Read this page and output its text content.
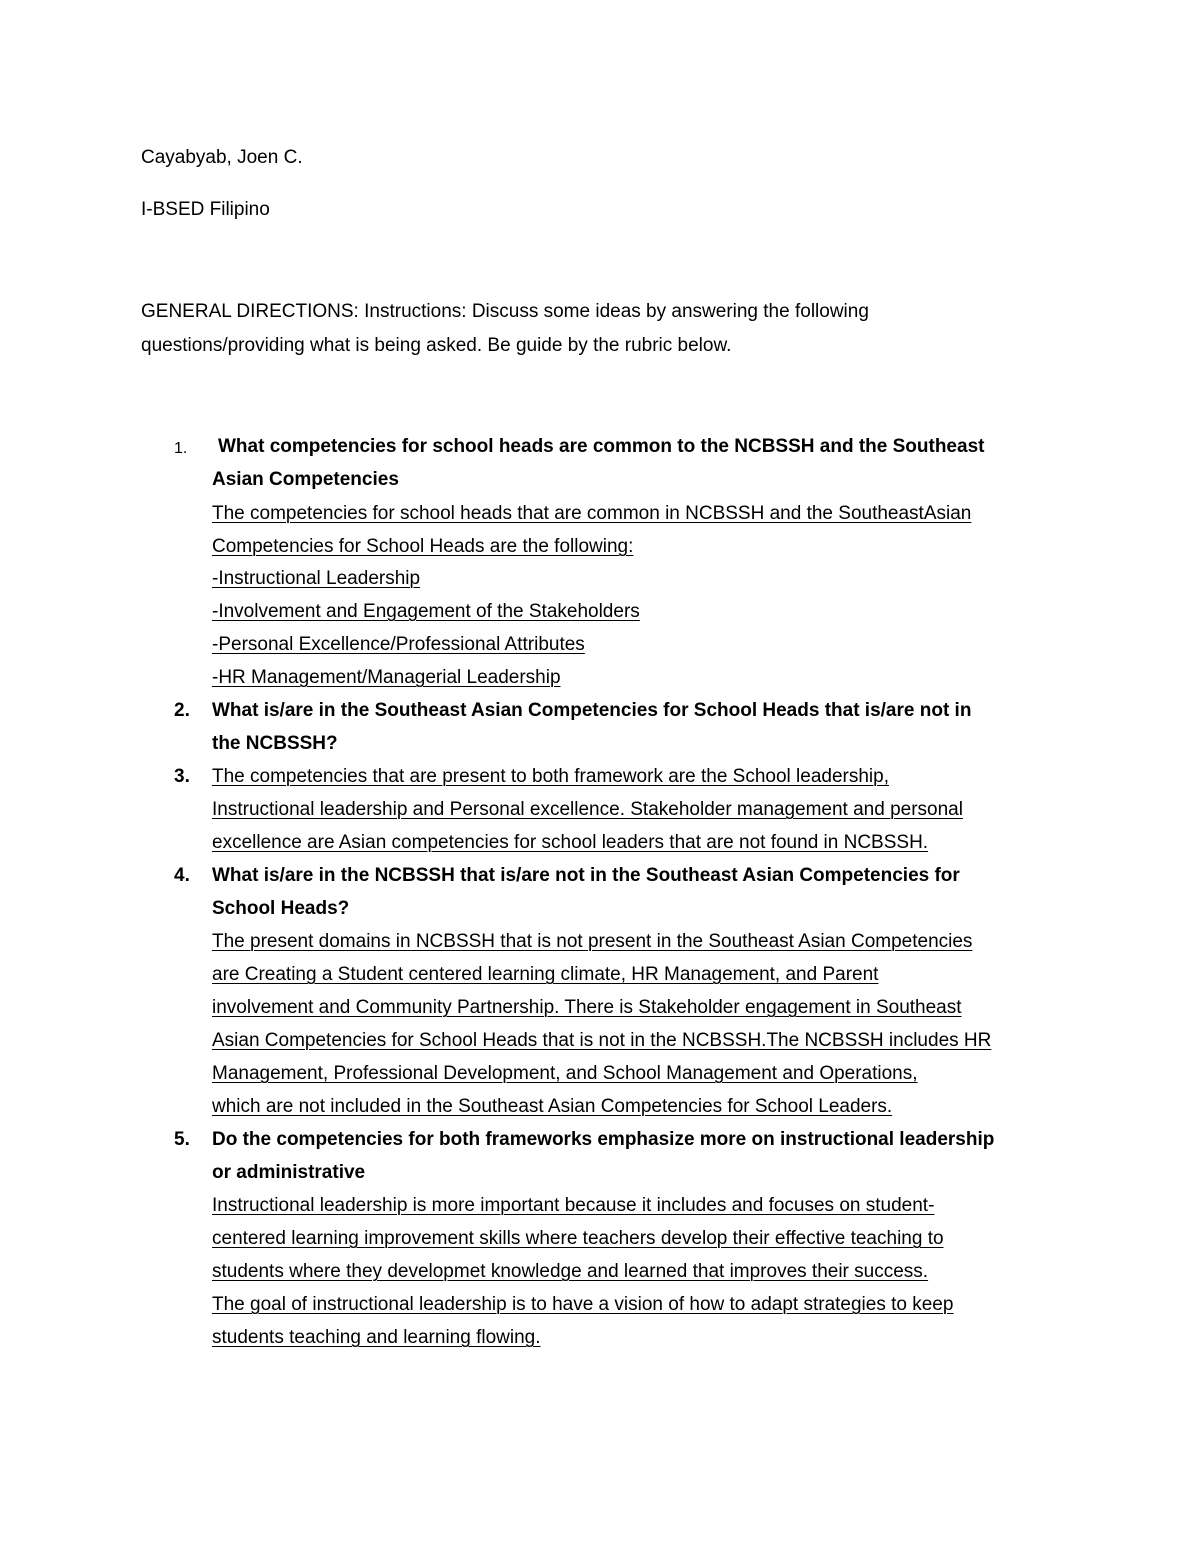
Cayabyab, Joen C.
I-BSED Filipino
GENERAL DIRECTIONS: Instructions: Discuss some ideas by answering the following
questions/providing what is being asked. Be guide by the rubric below.
1. What competencies for school heads are common to the NCBSSH and the Southeast
Asian Competencies
The competencies for school heads that are common in NCBSSH and the SoutheastAsian
Competencies for School Heads are the following:
-Instructional Leadership
-Involvement and Engagement of the Stakeholders
-Personal Excellence/Professional Attributes
-HR Management/Managerial Leadership
2. What is/are in the Southeast Asian Competencies for School Heads that is/are not in
the NCBSSH?
3. The competencies that are present to both framework are the School leadership,
Instructional leadership and Personal excellence. Stakeholder management and personal
excellence are Asian competencies for school leaders that are not found in NCBSSH.
4. What is/are in the NCBSSH that is/are not in the Southeast Asian Competencies for
School Heads?
The present domains in NCBSSH that is not present in the Southeast Asian Competencies
are Creating a Student centered learning climate, HR Management, and Parent
involvement and Community Partnership. There is Stakeholder engagement in Southeast
Asian Competencies for School Heads that is not in the NCBSSH.The NCBSSH includes HR
Management, Professional Development, and School Management and Operations,
which are not included in the Southeast Asian Competencies for School Leaders.
5. Do the competencies for both frameworks emphasize more on instructional leadership
or administrative
Instructional leadership is more important because it includes and focuses on student-
centered learning improvement skills where teachers develop their effective teaching to
students where they developmet knowledge and learned that improves their success.
The goal of instructional leadership is to have a vision of how to adapt strategies to keep
students teaching and learning flowing.
